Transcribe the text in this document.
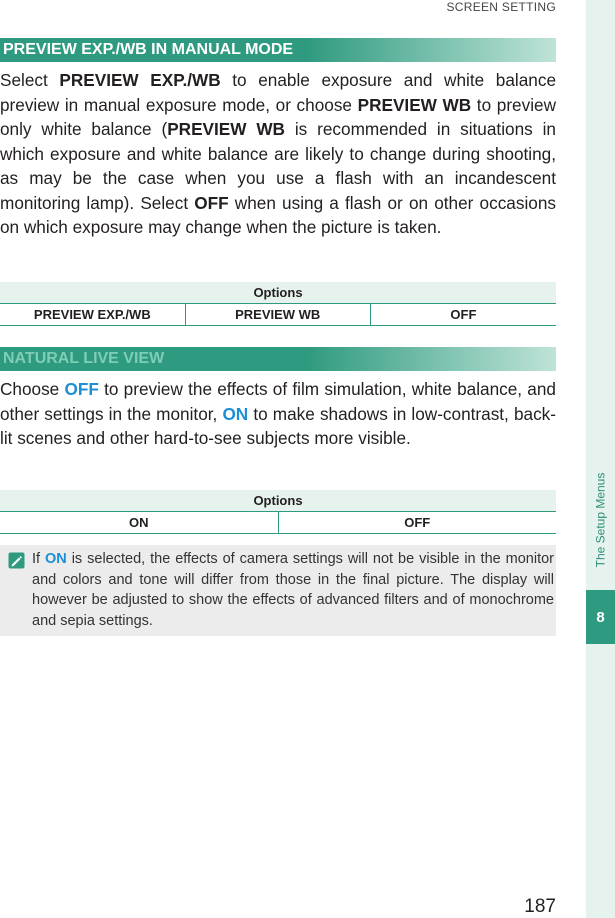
SCREEN SETTING
The Setup Menus
8
PREVIEW EXP./WB IN MANUAL MODE

Select PREVIEW EXP./WB to enable exposure and white balance preview in manual exposure mode, or choose PREVIEW WB to preview only white balance (PREVIEW WB is recommended in situations in which exposure and white balance are likely to change during shooting, as may be the case when you use a flash with an incandescent monitoring lamp). Select OFF when using a flash or on other occasions on which exposure may change when the picture is taken.

Options
PREVIEW EXP./WB	PREVIEW WB	OFF
NATURAL LIVE VIEW

Choose OFF to preview the effects of film simulation, white balance, and other settings in the monitor, ON to make shadows in low-contrast, back-lit scenes and other hard-to-see subjects more visible.

Options
ON	OFF
If ON is selected, the effects of camera settings will not be visible in the monitor and colors and tone will differ from those in the final picture. The display will however be adjusted to show the effects of advanced filters and of monochrome and sepia settings.
187
